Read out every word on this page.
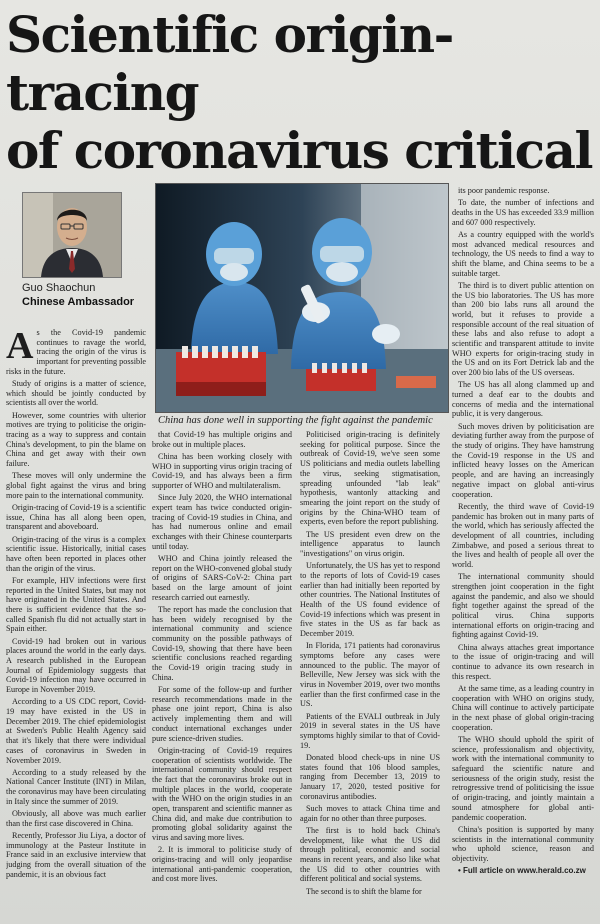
Scientific origin-tracing
of coronavirus critical
Guo Shaochun
Chinese Ambassador
China has done well in supporting the fight against the pandemic

As the Covid-19 pandemic continues to ravage the world, tracing the origin of the virus is important for preventing possible risks in the future.

Study of origins is a matter of science, which should be jointly conducted by scientists all over the world.

However, some countries with ulterior motives are trying to politicise the origin-tracing as a way to suppress and contain China's development, to pin the blame on China and get away with their own failure.

These moves will only undermine the global fight against the virus and bring more pain to the international community.

Origin-tracing of Covid-19 is a scientific issue, China has all along been open, transparent and aboveboard.

Origin-tracing of the virus is a complex scientific issue. Historically, initial cases have often been reported in places other than the origin of the virus.

For example, HIV infections were first reported in the United States, but may not have originated in the United States. And there is sufficient evidence that the so-called Spanish flu did not actually start in Spain either.

Covid-19 had broken out in various places around the world in the early days. A research published in the European Journal of Epidemiology suggests that Covid-19 infection may have occurred in Europe in November 2019.

According to a US CDC report, Covid-19 may have existed in the US in December 2019. The chief epidemiologist at Sweden's Public Health Agency said that it's likely that there were individual cases of coronavirus in Sweden in November 2019.

According to a study released by the National Cancer Institute (INT) in Milan, the coronavirus may have been circulating in Italy since the summer of 2019.

Obviously, all above was much earlier than the first case discovered in China.

Recently, Professor Jiu Liya, a doctor of immunology at the Pasteur Institute in France said in an exclusive interview that judging from the overall situation of the pandemic, it is an obvious fact

that Covid-19 has multiple origins and broke out in multiple places.

China has been working closely with WHO in supporting virus origin tracing of Covid-19, and has always been a firm supporter of WHO and multilateralism.

Since July 2020, the WHO international expert team has twice conducted origin-tracing of Covid-19 studies in China, and has had numerous online and email exchanges with their Chinese counterparts until today.

WHO and China jointly released the report on the WHO-convened global study of origins of SARS-CoV-2: China part based on the large amount of joint research carried out earnestly.

The report has made the conclusion that has been widely recognised by the international community and science community on the possible pathways of Covid-19, showing that there have been scientific conclusions reached regarding the Covid-19 origin tracing study in China.

For some of the follow-up and further research recommendations made in the phase one joint report, China is also actively implementing them and will conduct international exchanges under pure science-driven studies.

Origin-tracing of Covid-19 requires cooperation of scientists worldwide. The international community should respect the fact that the coronavirus broke out in multiple places in the world, cooperate with the WHO on the origin studies in an open, transparent and scientific manner as China did, and make due contribution to promoting global solidarity against the virus and saving more lives.

2. It is immoral to politicise study of origins-tracing and will only jeopardise international anti-pandemic cooperation, and cost more lives.

Politicised origin-tracing is definitely seeking for political purpose. Since the outbreak of Covid-19, we've seen some US politicians and media outlets labelling the virus, seeking stigmatisation, spreading unfounded "lab leak" hypothesis, wantonly attacking and smearing the joint report on the study of origins by the China-WHO team of experts, even before the report publishing.

The US president even drew on the intelligence apparatus to launch "investigations" on virus origin.

Unfortunately, the US has yet to respond to the reports of lots of Covid-19 cases earlier than had initially been reported by other countries. The National Institutes of Health of the US found evidence of Covid-19 infections which was present in five states in the US as far back as December 2019.

In Florida, 171 patients had coronavirus symptoms before any cases were announced to the public. The mayor of Belleville, New Jersey was sick with the virus in November 2019, over two months earlier than the first confirmed case in the US.

Patients of the EVALI outbreak in July 2019 in several states in the US have symptoms highly similar to that of Covid-19.

Donated blood check-ups in nine US states found that 106 blood samples, ranging from December 13, 2019 to January 17, 2020, tested positive for coronavirus antibodies.

Such moves to attack China time and again for no other than three purposes.

The first is to hold back China's development, like what the US did through political, economic and social means in recent years, and also like what the US did to other countries with different political and social systems.

The second is to shift the blame for

its poor pandemic response.

To date, the number of infections and deaths in the US has exceeded 33.9 million and 607 000 respectively.

As a country equipped with the world's most advanced medical resources and technology, the US needs to find a way to shift the blame, and China seems to be a suitable target.

The third is to divert public attention on the US bio laboratories. The US has more than 200 bio labs runs all around the world, but it refuses to provide a responsible account of the real situation of these labs and also refuse to adopt a scientific and transparent attitude to invite WHO experts for origin-tracing study in the US and on its Fort Detrick lab and the over 200 bio labs of the US overseas.

The US has all along clammed up and turned a deaf ear to the doubts and concerns of media and the international public, it is very dangerous.

Such moves driven by politicisation are deviating further away from the purpose of the study of origins. They have hamstrung the Covid-19 response in the US and inflicted heavy losses on the American people, and are having an increasingly negative impact on global anti-virus cooperation.

Recently, the third wave of Covid-19 pandemic has broken out in many parts of the world, which has seriously affected the development of all countries, including Zimbabwe, and posed a serious threat to the lives and health of people all over the world.

The international community should strengthen joint cooperation in the fight against the pandemic, and also we should fight together against the spread of the political virus. China supports international efforts on origin-tracing and fighting against Covid-19.

China always attaches great importance to the issue of origin-tracing and will continue to advance its own research in this respect.

At the same time, as a leading country in cooperation with WHO on origins study, China will continue to actively participate in the next phase of global origin-tracing cooperation.

The WHO should uphold the spirit of science, professionalism and objectivity, work with the international community to safeguard the scientific nature and seriousness of the origin study, resist the retrogressive trend of politicising the issue of origin-tracing, and jointly maintain a sound atmosphere for global anti-pandemic cooperation.

China's position is supported by many scientists in the international community who uphold science, reason and objectivity.

• Full article on www.herald.co.zw
